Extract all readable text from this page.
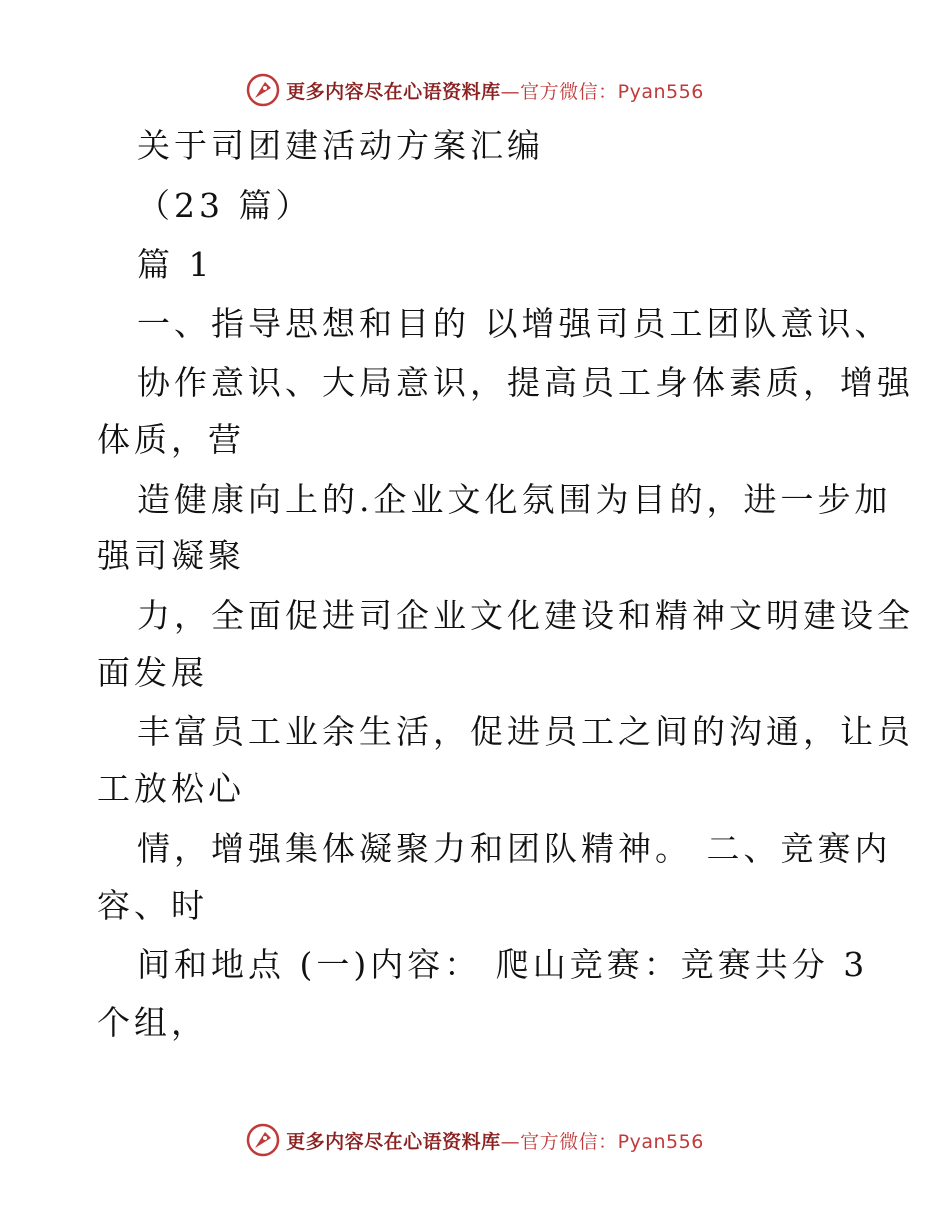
更多内容尽在心语资料库—官方微信：Pyan556
关于司团建活动方案汇编
（23 篇）
篇 1
一、指导思想和目的 以增强司员工团队意识、
协作意识、大局意识，提高员工身体素质，增强
体质，营
造健康向上的.企业文化氛围为目的，进一步加
强司凝聚
力，全面促进司企业文化建设和精神文明建设全
面发展
丰富员工业余生活，促进员工之间的沟通，让员
工放松心
情，增强集体凝聚力和团队精神。 二、竞赛内
容、时
间和地点 (一)内容： 爬山竞赛：竞赛共分 3
个组，
更多内容尽在心语资料库—官方微信：Pyan556
